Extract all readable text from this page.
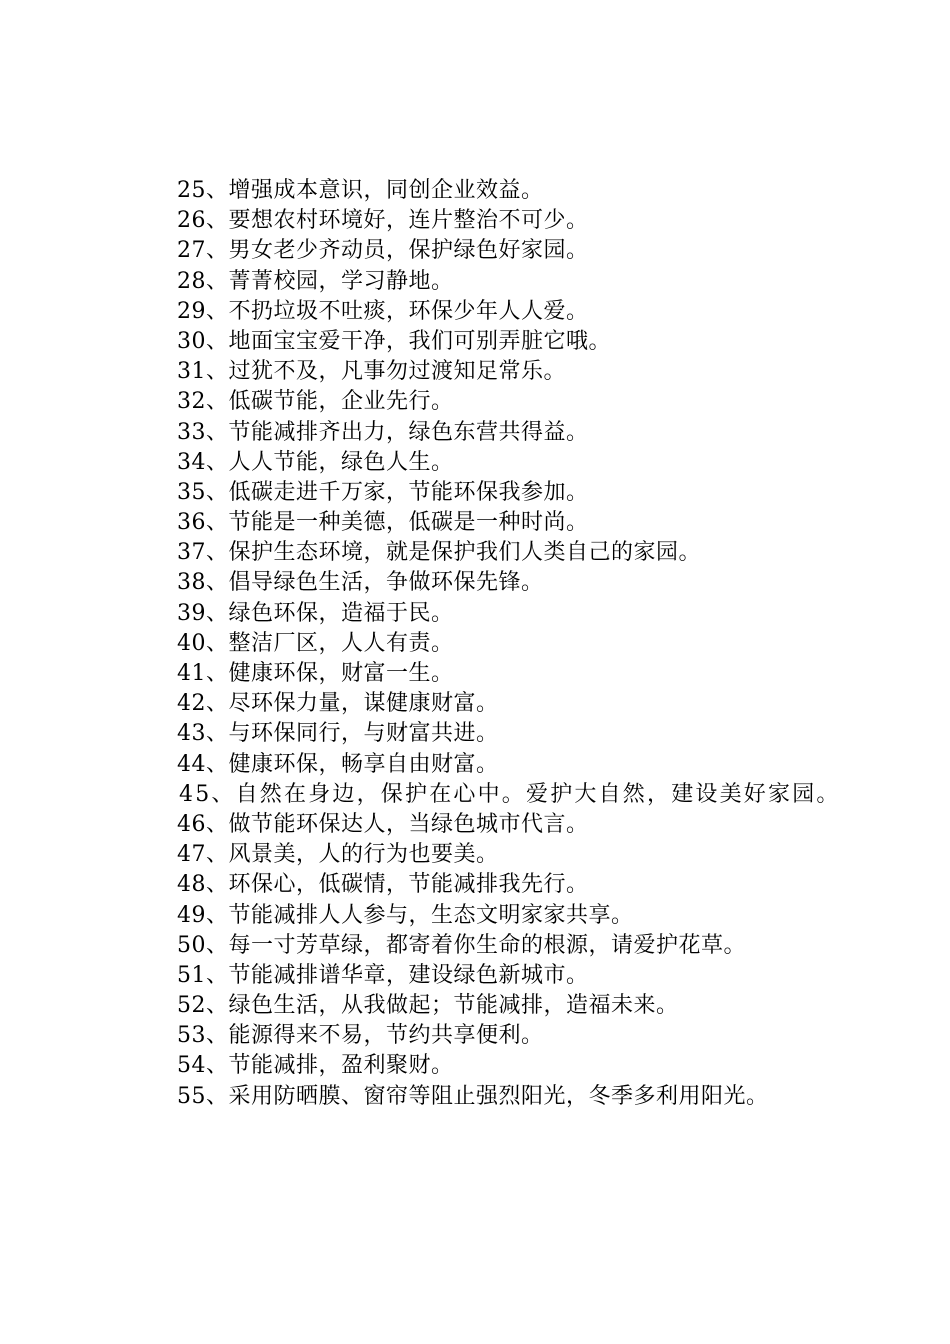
25、增强成本意识，同创企业效益。
26、要想农村环境好，连片整治不可少。
27、男女老少齐动员，保护绿色好家园。
28、菁菁校园，学习静地。
29、不扔垃圾不吐痰，环保少年人人爱。
30、地面宝宝爱干净，我们可别弄脏它哦。
31、过犹不及，凡事勿过渡知足常乐。
32、低碳节能，企业先行。
33、节能减排齐出力，绿色东营共得益。
34、人人节能，绿色人生。
35、低碳走进千万家，节能环保我参加。
36、节能是一种美德，低碳是一种时尚。
37、保护生态环境，就是保护我们人类自己的家园。
38、倡导绿色生活，争做环保先锋。
39、绿色环保，造福于民。
40、整洁厂区，人人有责。
41、健康环保，财富一生。
42、尽环保力量，谋健康财富。
43、与环保同行，与财富共进。
44、健康环保，畅享自由财富。
45、自然在身边，保护在心中。爱护大自然，建设美好家园。
46、做节能环保达人，当绿色城市代言。
47、风景美，人的行为也要美。
48、环保心，低碳情，节能减排我先行。
49、节能减排人人参与，生态文明家家共享。
50、每一寸芳草绿，都寄着你生命的根源，请爱护花草。
51、节能减排谱华章，建设绿色新城市。
52、绿色生活，从我做起；节能减排，造福未来。
53、能源得来不易，节约共享便利。
54、节能减排，盈利聚财。
55、采用防晒膜、窗帘等阻止强烈阳光，冬季多利用阳光。
